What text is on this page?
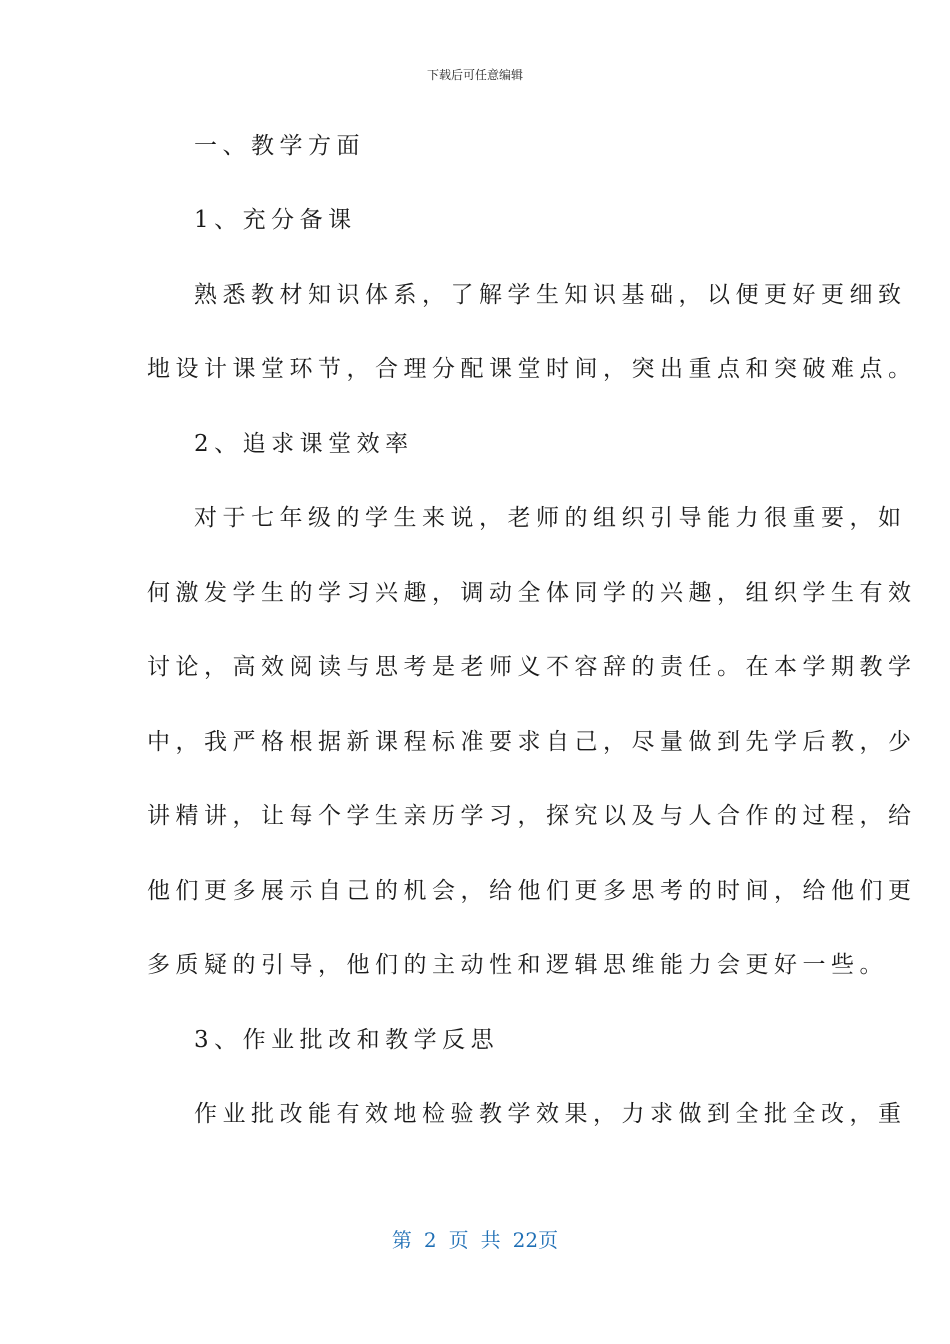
下载后可任意编辑
一、教学方面
1、充分备课
熟悉教材知识体系，了解学生知识基础，以便更好更细致
地设计课堂环节，合理分配课堂时间，突出重点和突破难点。
2、追求课堂效率
对于七年级的学生来说，老师的组织引导能力很重要，如
何激发学生的学习兴趣，调动全体同学的兴趣，组织学生有效
讨论，高效阅读与思考是老师义不容辞的责任。在本学期教学
中，我严格根据新课程标准要求自己，尽量做到先学后教，少
讲精讲，让每个学生亲历学习，探究以及与人合作的过程，给
他们更多展示自己的机会，给他们更多思考的时间，给他们更
多质疑的引导，他们的主动性和逻辑思维能力会更好一些。
3、作业批改和教学反思
作业批改能有效地检验教学效果，力求做到全批全改，重
第 2 页 共 22页
